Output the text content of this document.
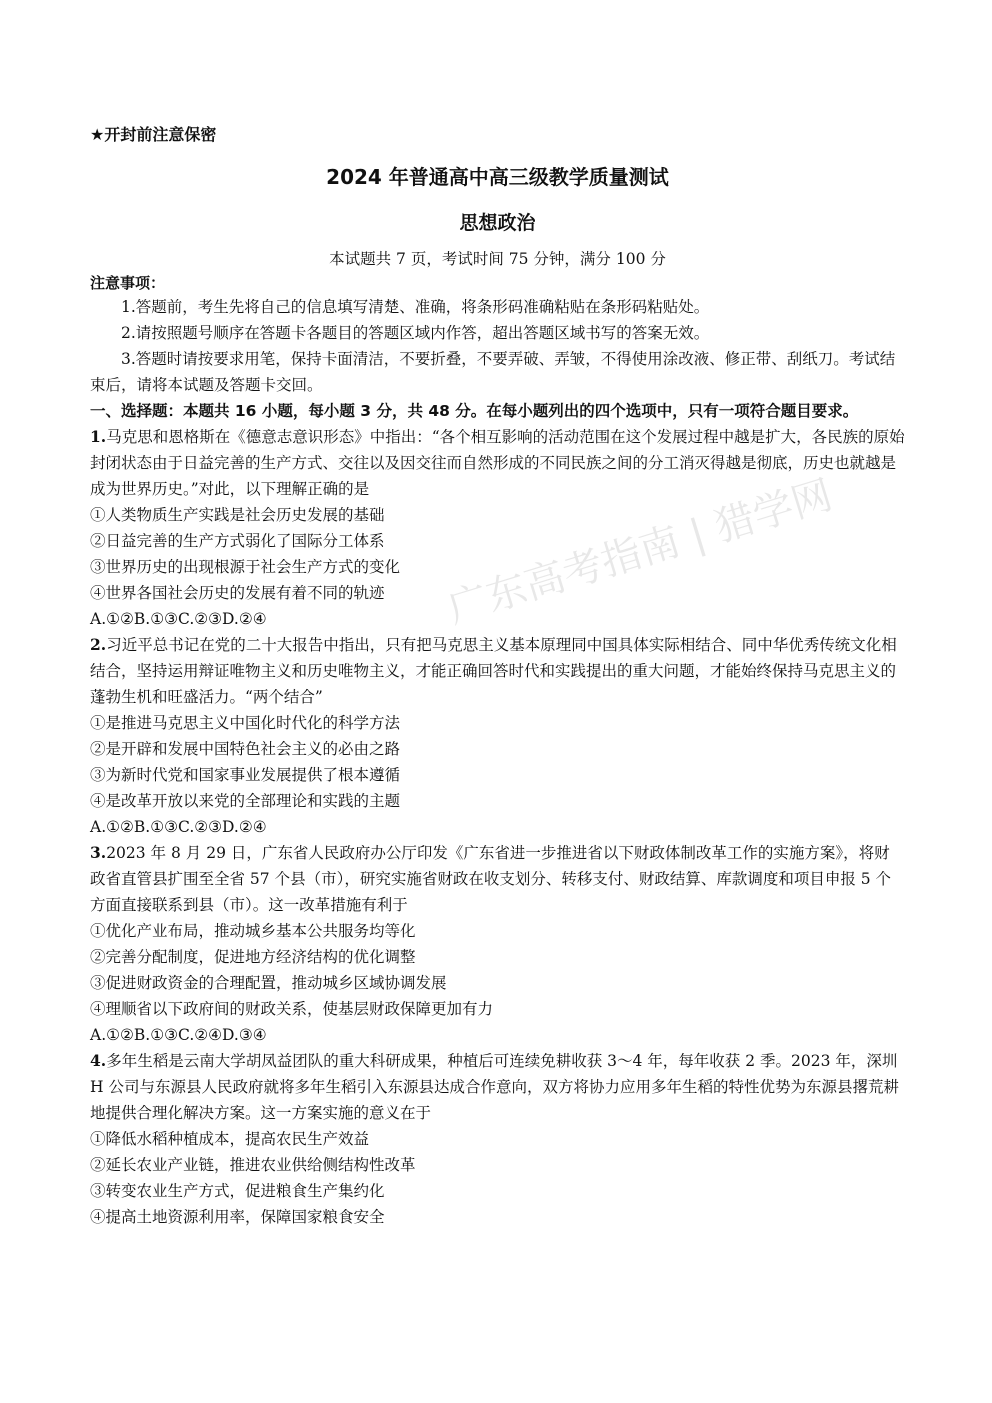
★开封前注意保密
2024 年普通高中高三级教学质量测试
思想政治
本试题共 7 页，考试时间 75 分钟，满分 100 分
注意事项：

1.答题前，考生先将自己的信息填写清楚、准确，将条形码准确粘贴在条形码粘贴处。

2.请按照题号顺序在答题卡各题目的答题区域内作答，超出答题区域书写的答案无效。

3.答题时请按要求用笔，保持卡面清洁，不要折叠，不要弄破、弄皱，不得使用涂改液、修正带、刮纸刀。考试结束后，请将本试题及答题卡交回。

一、选择题：本题共 16 小题，每小题 3 分，共 48 分。在每小题列出的四个选项中，只有一项符合题目要求。

1.马克思和恩格斯在《德意志意识形态》中指出：“各个相互影响的活动范围在这个发展过程中越是扩大，各民族的原始封闭状态由于日益完善的生产方式、交往以及因交往而自然形成的不同民族之间的分工消灭得越是彻底，历史也就越是成为世界历史。”对此，以下理解正确的是

①人类物质生产实践是社会历史发展的基础

②日益完善的生产方式弱化了国际分工体系

③世界历史的出现根源于社会生产方式的变化

④世界各国社会历史的发展有着不同的轨迹

A.①②B.①③C.②③D.②④

2.习近平总书记在党的二十大报告中指出，只有把马克思主义基本原理同中国具体实际相结合、同中华优秀传统文化相结合，坚持运用辩证唯物主义和历史唯物主义，才能正确回答时代和实践提出的重大问题，才能始终保持马克思主义的蓬勃生机和旺盛活力。“两个结合”

①是推进马克思主义中国化时代化的科学方法

②是开辟和发展中国特色社会主义的必由之路

③为新时代党和国家事业发展提供了根本遵循

④是改革开放以来党的全部理论和实践的主题

A.①②B.①③C.②③D.②④

3.2023 年 8 月 29 日，广东省人民政府办公厅印发《广东省进一步推进省以下财政体制改革工作的实施方案》，将财政省直管县扩围至全省 57 个县（市），研究实施省财政在收支划分、转移支付、财政结算、库款调度和项目申报 5 个方面直接联系到县（市）。这一改革措施有利于

①优化产业布局，推动城乡基本公共服务均等化

②完善分配制度，促进地方经济结构的优化调整

③促进财政资金的合理配置，推动城乡区域协调发展

④理顺省以下政府间的财政关系，使基层财政保障更加有力

A.①②B.①③C.②④D.③④

4.多年生稻是云南大学胡凤益团队的重大科研成果，种植后可连续免耕收获 3～4 年，每年收获 2 季。2023 年，深圳 H 公司与东源县人民政府就将多年生稻引入东源县达成合作意向，双方将协力应用多年生稻的特性优势为东源县撂荒耕地提供合理化解决方案。这一方案实施的意义在于

①降低水稻种植成本，提高农民生产效益

②延长农业产业链，推进农业供给侧结构性改革

③转变农业生产方式，促进粮食生产集约化

④提高土地资源利用率，保障国家粮食安全

广东高考指南 | 猎学网
